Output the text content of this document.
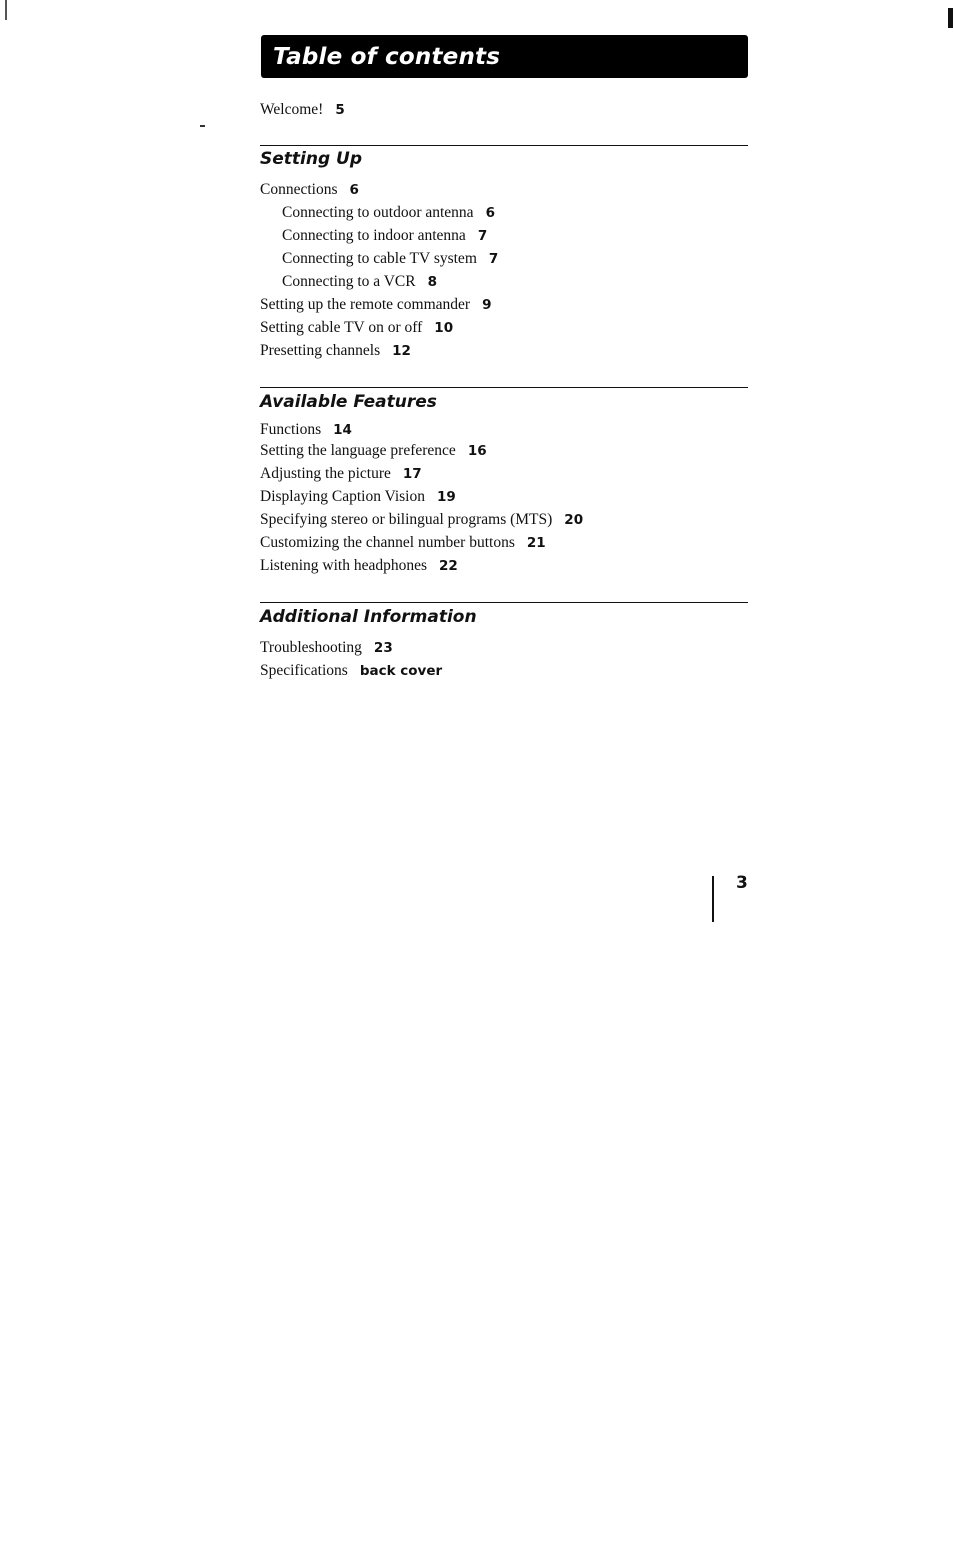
Table of contents
Welcome! 5
Setting Up
Connections 6
Connecting to outdoor antenna 6
Connecting to indoor antenna 7
Connecting to cable TV system 7
Connecting to a VCR 8
Setting up the remote commander 9
Setting cable TV on or off 10
Presetting channels 12
Available Features
Functions 14
Setting the language preference 16
Adjusting the picture 17
Displaying Caption Vision 19
Specifying stereo or bilingual programs (MTS) 20
Customizing the channel number buttons 21
Listening with headphones 22
Additional Information
Troubleshooting 23
Specifications back cover
3
